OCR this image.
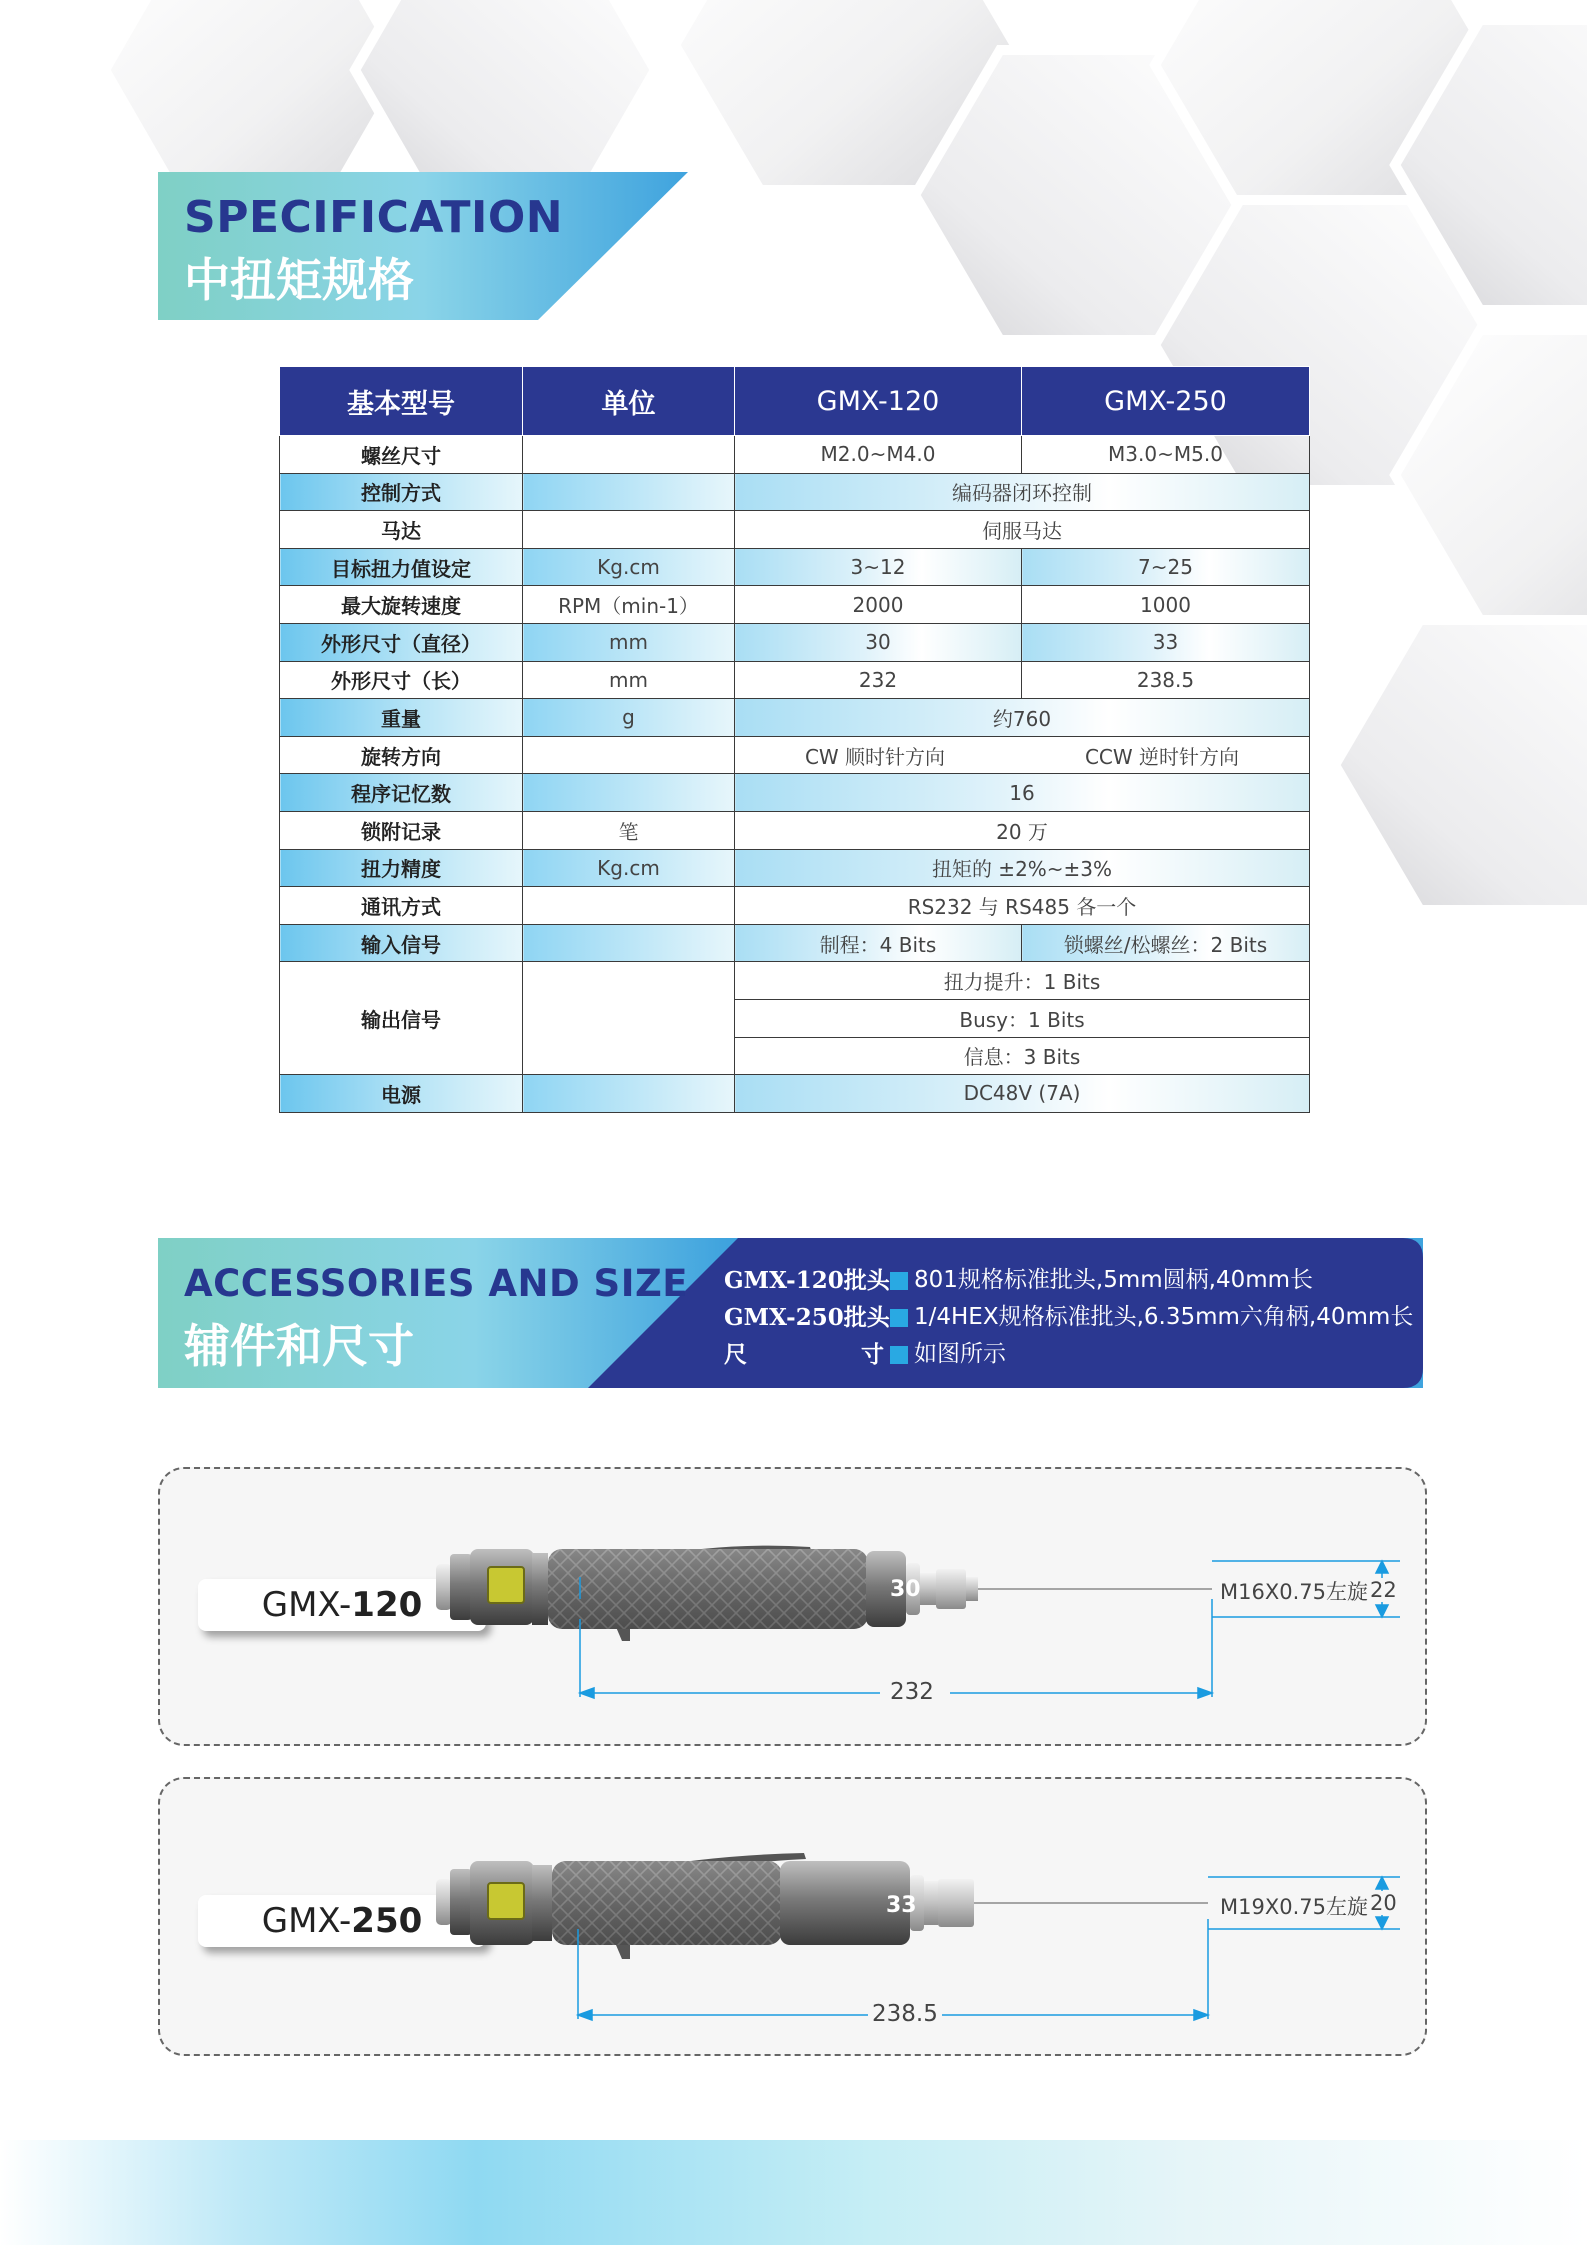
SPECIFICATION
中扭矩规格
基本型号	单位	GMX-120	GMX-250
螺丝尺寸		M2.0~M4.0	M3.0~M5.0
控制方式		编码器闭环控制	
马达		伺服马达	
目标扭力值设定	Kg.cm	3~12	7~25
最大旋转速度	RPM（min-1）	2000	1000
外形尺寸（直径）	mm	30	33
外形尺寸（长）	mm	232	238.5
重量	g	约760	
旋转方向		CW 顺时针方向 CCW 逆时针方向	

程序记忆数		16	
锁附记录	笔	20 万	
扭力精度	Kg.cm	扭矩的 ±2%~±3%	
通讯方式		RS232 与 RS485 各一个	
输入信号		制程：4 Bits	锁螺丝/松螺丝：2 Bits
输出信号		扭力提升：1 Bits	
		Busy：1 Bits	
		信息：3 Bits	
电源		DC48V (7A)	
ACCESSORIES AND SIZE
辅件和尺寸
GMX- 120批头 801规格标准批头,5mm圆柄,40mm长
GMX- 250批头 1/4HEX规格标准批头,6.35mm六角柄,40mm长
尺	寸 如图所示
GMX- 120	30
232
M16X0.75左旋 22
GMX- 250	33
238.5
M19X0.75左旋 20
